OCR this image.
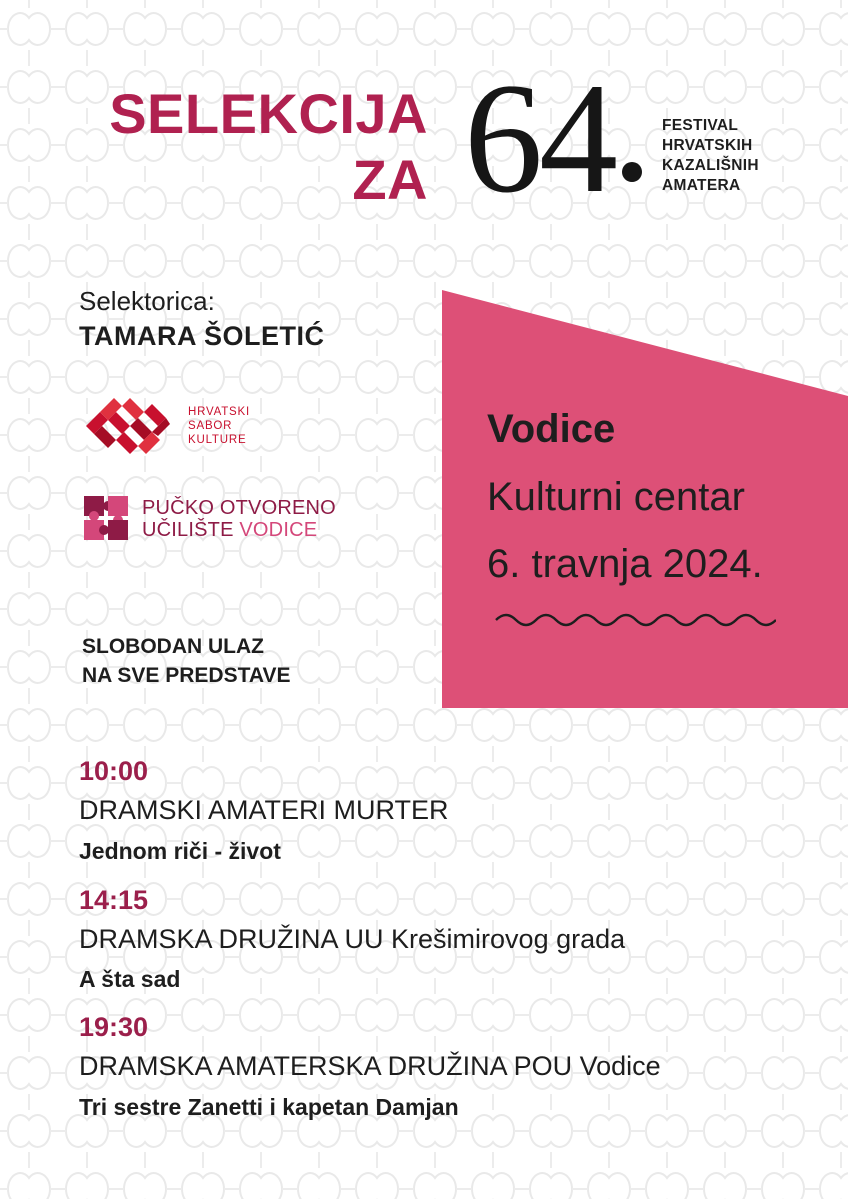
SELEKCIJA
ZA 64	FESTIVAL
HRVATSKIH
KAZALIŠNIH
AMATERA
Selektorica:
TAMARA ŠOLETIĆ
HRVATSKI
SABOR
KULTURE
PUČKO OTVORENO
UČILIŠTE VODICE
SLOBODAN ULAZ
NA SVE PREDSTAVE
Vodice
Kulturni centar
6. travnja 2024.
10:00
DRAMSKI AMATERI MURTER
Jednom riči - život
14:15
DRAMSKA DRUŽINA UU Krešimirovog grada
A šta sad
19:30
DRAMSKA AMATERSKA DRUŽINA POU Vodice
Tri sestre Zanetti i kapetan Damjan
